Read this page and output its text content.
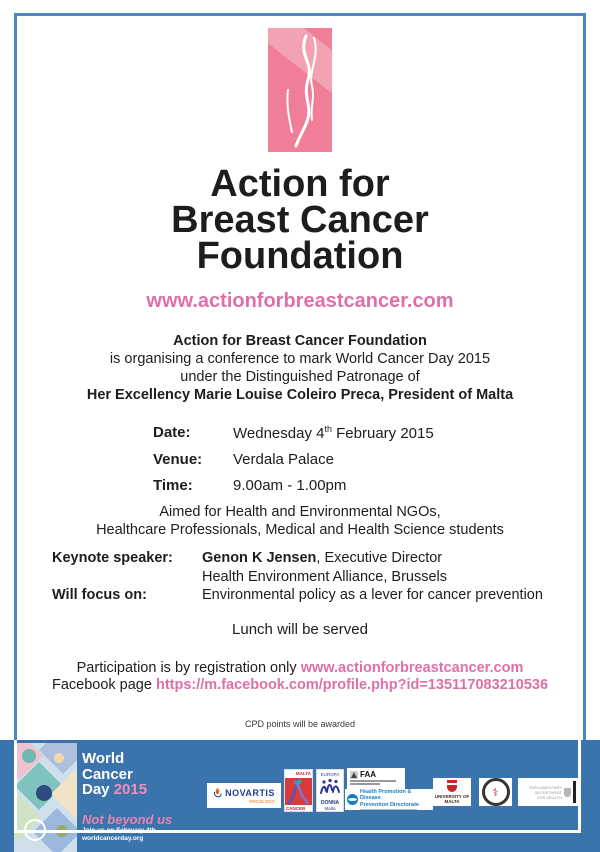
Action for
Breast Cancer
Foundation
www.actionforbreastcancer.com
Action for Breast Cancer Foundation
is organising a conference to mark World Cancer Day 2015
under the Distinguished Patronage of
Her Excellency Marie Louise Coleiro Preca, President of Malta
Date:	Wednesday 4th February 2015
Venue:	Verdala Palace
Time:	9.00am - 1.00pm
Aimed for Health and Environmental NGOs,
Healthcare Professionals, Medical and Health Science students
Keynote speaker:	Genon K Jensen, Executive Director
Health Environment Alliance, Brussels
Will focus on:	Environmental policy as a lever for cancer prevention
Lunch will be served
Participation is by registration only www.actionforbreastcancer.com
Facebook page https://m.facebook.com/profile.php?id=135117083210536
CPD points will be awarded
World
Cancer
Day 2015
Not beyond us
worldcancerday.org
NOVARTIS
ONCOLOGY
MALTA
CANCER
EUROPA
DONNA
Malta
FAA
Health Promotion & Disease
Prevention Directorate
UNIVERSITY OF MALTA
⚕	PARLIAMENTARY SECRETARIAT
FOR HEALTH
